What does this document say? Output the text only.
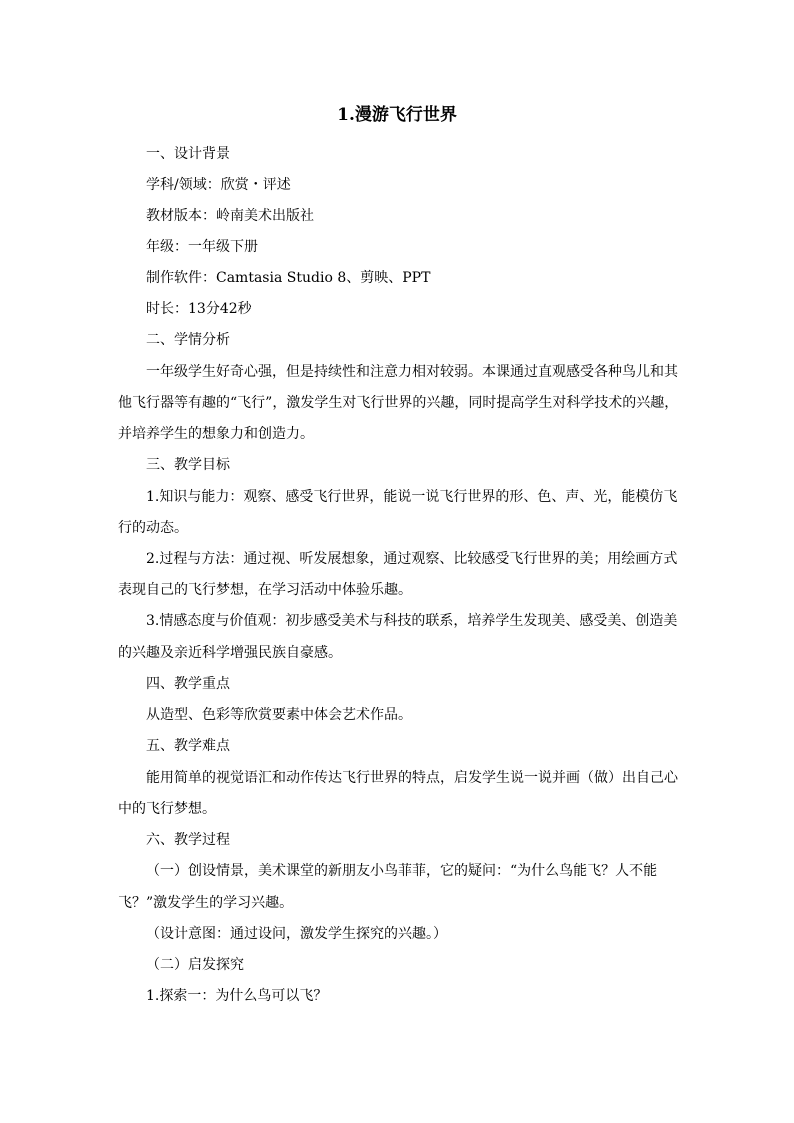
1.漫游飞行世界
一、设计背景
学科/领域：欣赏・评述
教材版本：岭南美术出版社
年级：一年级下册
制作软件：Camtasia Studio 8、剪映、PPT
时长：13分42秒
二、学情分析
一年级学生好奇心强，但是持续性和注意力相对较弱。本课通过直观感受各种鸟儿和其
他飞行器等有趣的“飞行”，激发学生对飞行世界的兴趣，同时提高学生对科学技术的兴趣，
并培养学生的想象力和创造力。
三、教学目标
1.知识与能力：观察、感受飞行世界，能说一说飞行世界的形、色、声、光，能模仿飞
行的动态。
2.过程与方法：通过视、听发展想象，通过观察、比较感受飞行世界的美；用绘画方式
表现自己的飞行梦想，在学习活动中体验乐趣。
3.情感态度与价值观：初步感受美术与科技的联系，培养学生发现美、感受美、创造美
的兴趣及亲近科学增强民族自豪感。
四、教学重点
从造型、色彩等欣赏要素中体会艺术作品。
五、教学难点
能用简单的视觉语汇和动作传达飞行世界的特点，启发学生说一说并画（做）出自己心
中的飞行梦想。
六、教学过程
（一）创设情景，美术课堂的新朋友小鸟菲菲，它的疑问：“为什么鸟能飞？人不能
飞？”激发学生的学习兴趣。
（设计意图：通过设问，激发学生探究的兴趣。）
（二）启发探究
1.探索一：为什么鸟可以飞？
